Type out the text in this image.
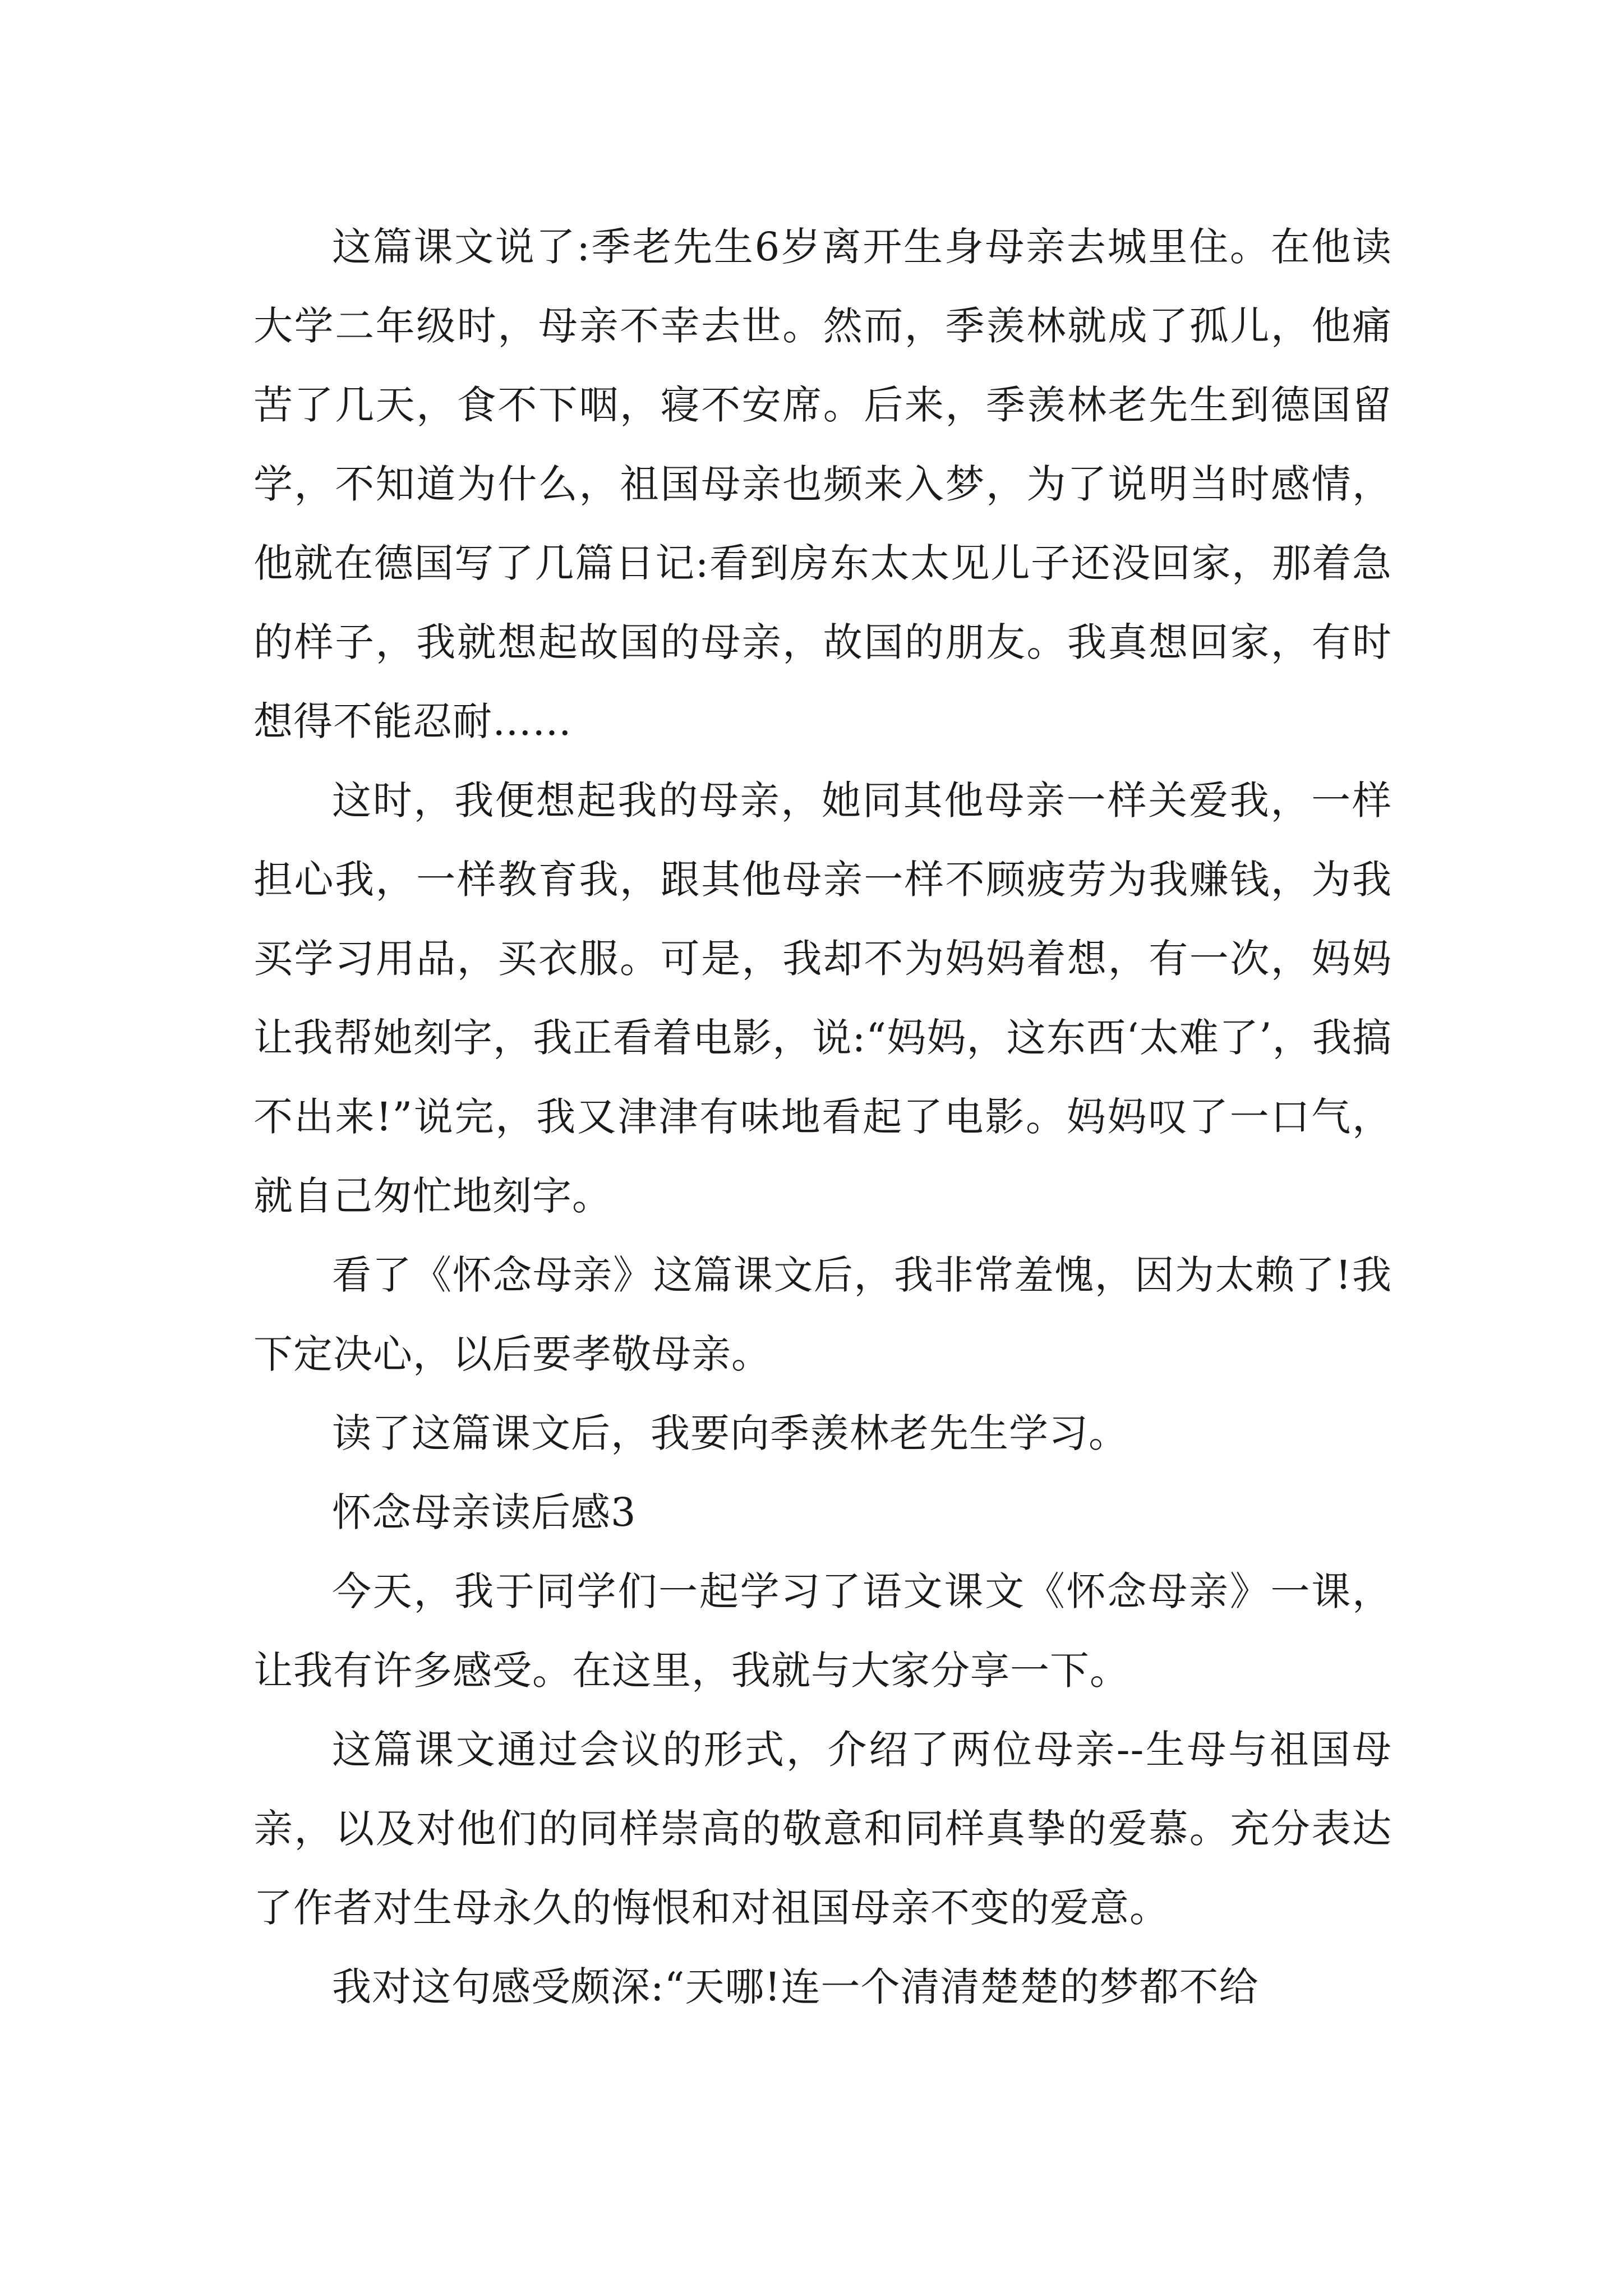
这篇课文说了:季老先生6岁离开生身母亲去城里住。在他读大学二年级时，母亲不幸去世。然而，季羡林就成了孤儿，他痛苦了几天，食不下咽，寝不安席。后来，季羡林老先生到德国留学，不知道为什么，祖国母亲也频来入梦，为了说明当时感情，他就在德国写了几篇日记:看到房东太太见儿子还没回家，那着急的样子，我就想起故国的母亲，故国的朋友。我真想回家，有时想得不能忍耐……

这时，我便想起我的母亲，她同其他母亲一样关爱我，一样担心我，一样教育我，跟其他母亲一样不顾疲劳为我赚钱，为我买学习用品，买衣服。可是，我却不为妈妈着想，有一次，妈妈让我帮她刻字，我正看着电影，说:“妈妈，这东西‘太难了’，我搞不出来!”说完，我又津津有味地看起了电影。妈妈叹了一口气，就自己匆忙地刻字。

看了《怀念母亲》这篇课文后，我非常羞愧，因为太赖了!我下定决心，以后要孝敬母亲。

读了这篇课文后，我要向季羡林老先生学习。

怀念母亲读后感3

今天，我于同学们一起学习了语文课文《怀念母亲》一课，让我有许多感受。在这里，我就与大家分享一下。

这篇课文通过会议的形式，介绍了两位母亲--生母与祖国母亲，以及对他们的同样崇高的敬意和同样真挚的爱慕。充分表达了作者对生母永久的悔恨和对祖国母亲不变的爱意。

我对这句感受颇深:“天哪!连一个清清楚楚的梦都不给
